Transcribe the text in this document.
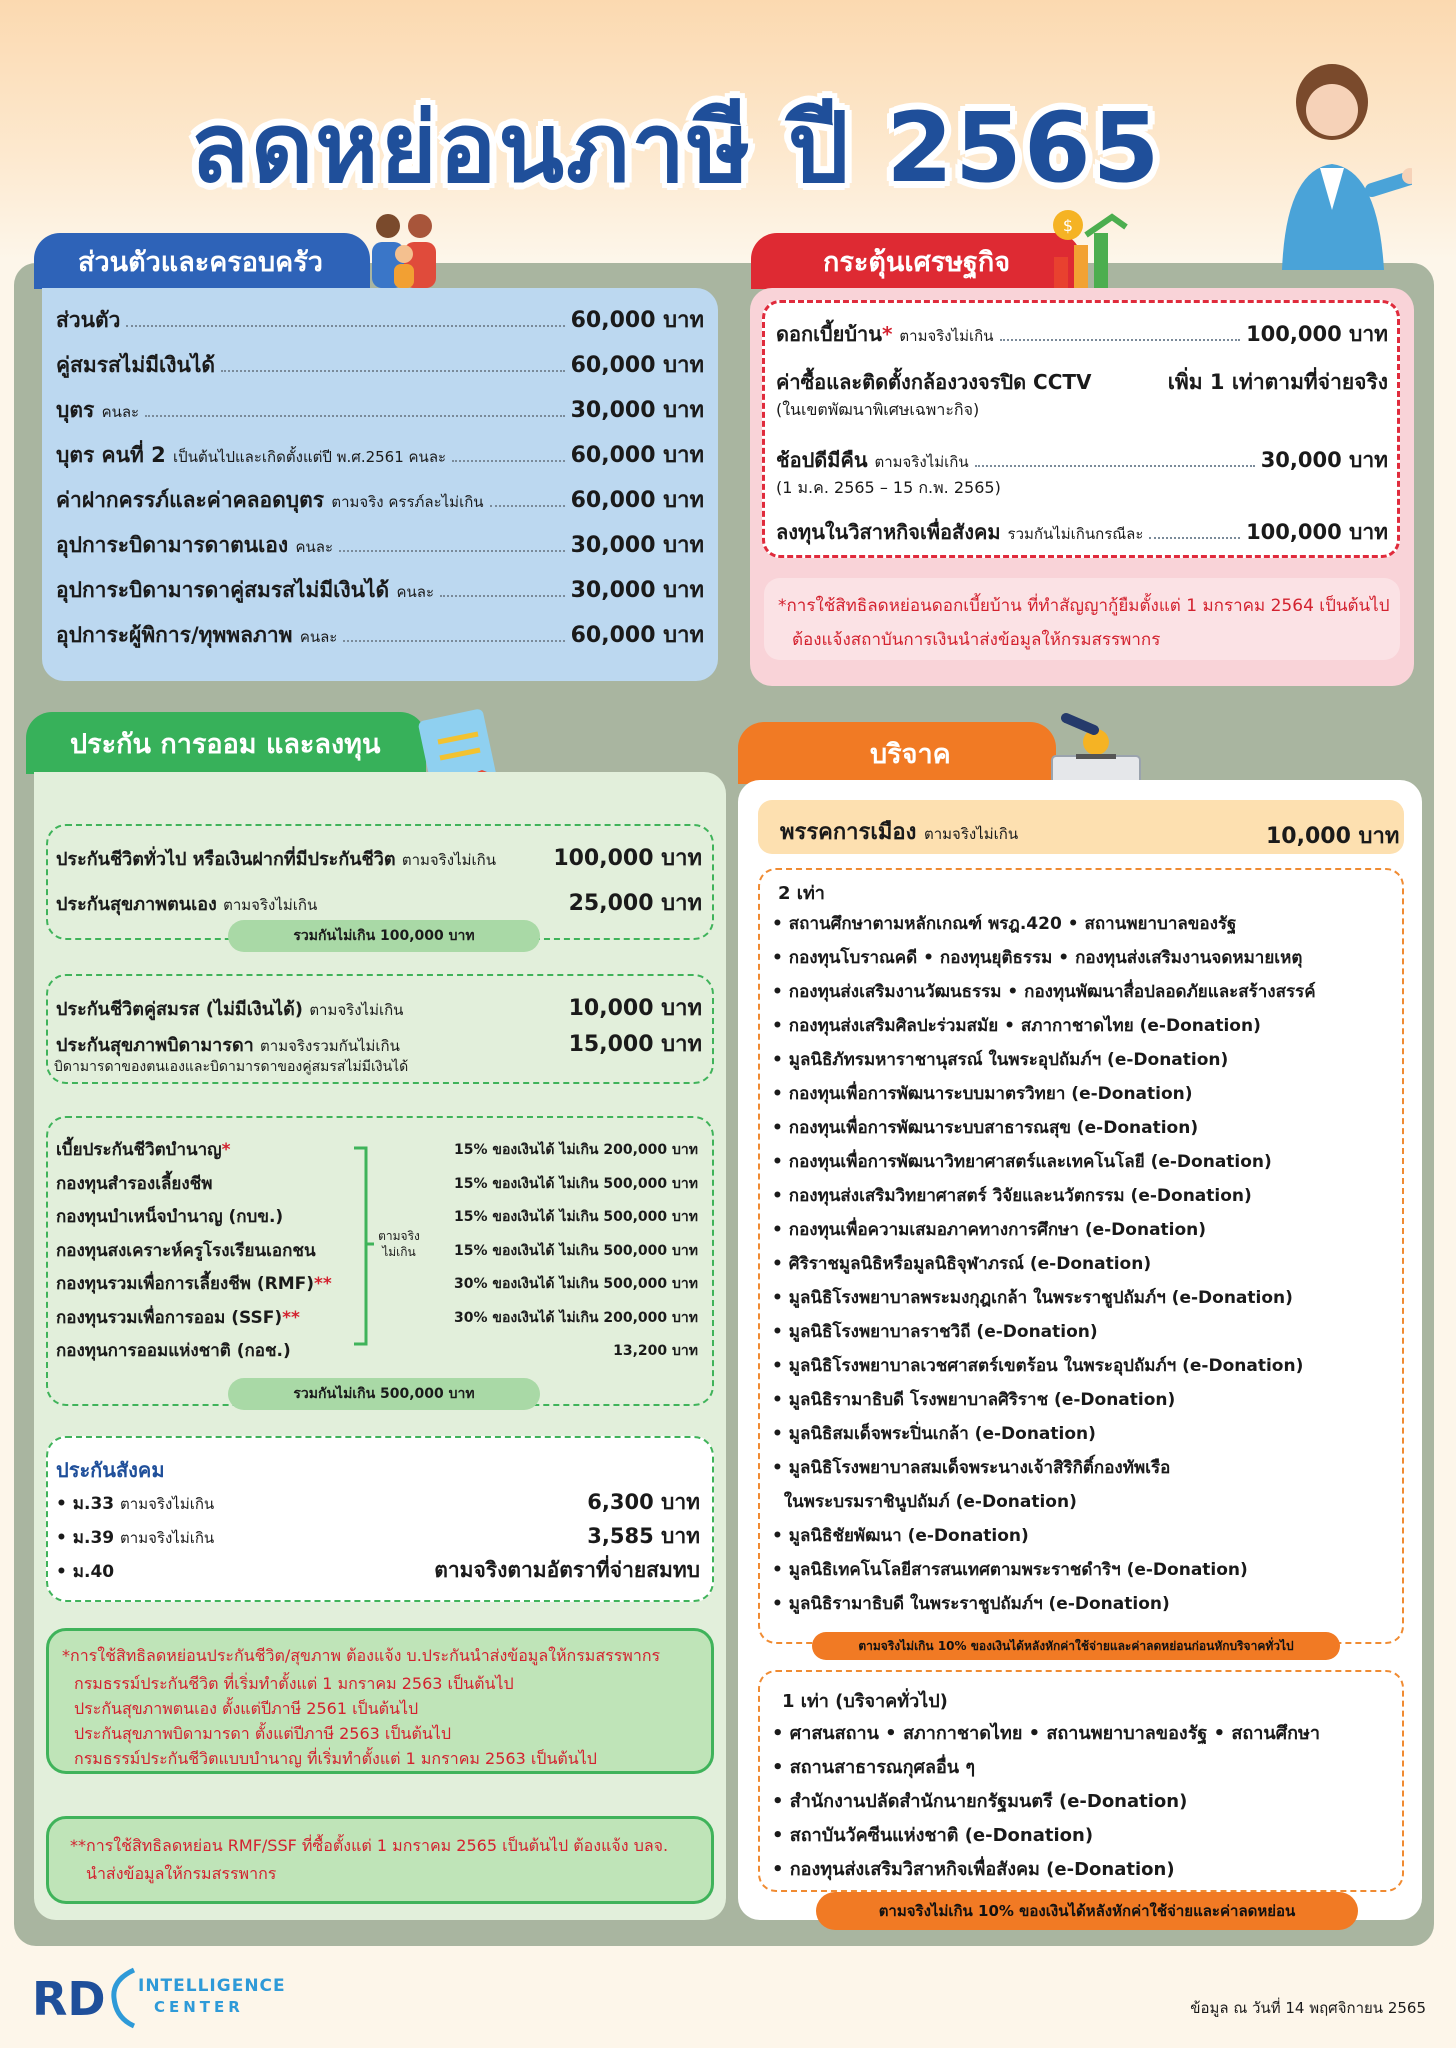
ลดหย่อนภาษี ปี 2565
ส่วนตัวและครอบครัว
ส่วนตัว	60,000 บาท
คู่สมรสไม่มีเงินได้	60,000 บาท
บุตร คนละ	30,000 บาท
บุตร คนที่ 2 เป็นต้นไปและเกิดตั้งแต่ปี พ.ศ.2561 คนละ	60,000 บาท
ค่าฝากครรภ์และค่าคลอดบุตร ตามจริง ครรภ์ละไม่เกิน	60,000 บาท
อุปการะบิดามารดาตนเอง คนละ	30,000 บาท
อุปการะบิดามารดาคู่สมรสไม่มีเงินได้ คนละ	30,000 บาท
อุปการะผู้พิการ/ทุพพลภาพ คนละ	60,000 บาท
กระตุ้นเศรษฐกิจ
$
ดอกเบี้ยบ้าน* ตามจริงไม่เกิน	100,000 บาท
ค่าซื้อและติดตั้งกล้องวงจรปิด CCTV	เพิ่ม 1 เท่าตามที่จ่ายจริง
(ในเขตพัฒนาพิเศษเฉพาะกิจ)
ช้อปดีมีคืน ตามจริงไม่เกิน	30,000 บาท
(1 ม.ค. 2565 – 15 ก.พ. 2565)
ลงทุนในวิสาหกิจเพื่อสังคม รวมกันไม่เกินกรณีละ	100,000 บาท
*การใช้สิทธิลดหย่อนดอกเบี้ยบ้าน ที่ทำสัญญากู้ยืมตั้งแต่ 1 มกราคม 2564 เป็นต้นไป
ต้องแจ้งสถาบันการเงินนำส่งข้อมูลให้กรมสรรพากร
ประกัน การออม และลงทุน
ประกันชีวิตทั่วไป หรือเงินฝากที่มีประกันชีวิต ตามจริงไม่เกิน	100,000 บาท
ประกันสุขภาพตนเอง ตามจริงไม่เกิน	25,000 บาท
รวมกันไม่เกิน 100,000 บาท
ประกันชีวิตคู่สมรส (ไม่มีเงินได้) ตามจริงไม่เกิน	10,000 บาท
ประกันสุขภาพบิดามารดา ตามจริงรวมกันไม่เกิน	15,000 บาท
บิดามารดาของตนเองและบิดามารดาของคู่สมรสไม่มีเงินได้
เบี้ยประกันชีวิตบำนาญ*	15% ของเงินได้ ไม่เกิน 200,000 บาท
กองทุนสำรองเลี้ยงชีพ	15% ของเงินได้ ไม่เกิน 500,000 บาท
กองทุนบำเหน็จบำนาญ (กบข.)	15% ของเงินได้ ไม่เกิน 500,000 บาท
กองทุนสงเคราะห์ครูโรงเรียนเอกชน	15% ของเงินได้ ไม่เกิน 500,000 บาท
กองทุนรวมเพื่อการเลี้ยงชีพ (RMF)**	30% ของเงินได้ ไม่เกิน 500,000 บาท
กองทุนรวมเพื่อการออม (SSF)**	30% ของเงินได้ ไม่เกิน 200,000 บาท
กองทุนการออมแห่งชาติ (กอช.)	13,200 บาท
ตามจริง ไม่เกิน
รวมกันไม่เกิน 500,000 บาท
ประกันสังคม
• ม.33 ตามจริงไม่เกิน	6,300 บาท
• ม.39 ตามจริงไม่เกิน	3,585 บาท
• ม.40	ตามจริงตามอัตราที่จ่ายสมทบ
*การใช้สิทธิลดหย่อนประกันชีวิต/สุขภาพ ต้องแจ้ง บ.ประกันนำส่งข้อมูลให้กรมสรรพากร
กรมธรรม์ประกันชีวิต ที่เริ่มทำตั้งแต่ 1 มกราคม 2563 เป็นต้นไป
ประกันสุขภาพตนเอง ตั้งแต่ปีภาษี 2561 เป็นต้นไป
ประกันสุขภาพบิดามารดา ตั้งแต่ปีภาษี 2563 เป็นต้นไป
กรมธรรม์ประกันชีวิตแบบบำนาญ ที่เริ่มทำตั้งแต่ 1 มกราคม 2563 เป็นต้นไป
**การใช้สิทธิลดหย่อน RMF/SSF ที่ซื้อตั้งแต่ 1 มกราคม 2565 เป็นต้นไป ต้องแจ้ง บลจ.
นำส่งข้อมูลให้กรมสรรพากร
บริจาค
พรรคการเมือง ตามจริงไม่เกิน	10,000 บาท
2 เท่า
• สถานศึกษาตามหลักเกณฑ์ พรฎ.420 • สถานพยาบาลของรัฐ
• กองทุนโบราณคดี • กองทุนยุติธรรม • กองทุนส่งเสริมงานจดหมายเหตุ
• กองทุนส่งเสริมงานวัฒนธรรม • กองทุนพัฒนาสื่อปลอดภัยและสร้างสรรค์
• กองทุนส่งเสริมศิลปะร่วมสมัย • สภากาชาดไทย (e-Donation)
• มูลนิธิภัทรมหาราชานุสรณ์ ในพระอุปถัมภ์ฯ (e-Donation)
• กองทุนเพื่อการพัฒนาระบบมาตรวิทยา (e-Donation)
• กองทุนเพื่อการพัฒนาระบบสาธารณสุข (e-Donation)
• กองทุนเพื่อการพัฒนาวิทยาศาสตร์และเทคโนโลยี (e-Donation)
• กองทุนส่งเสริมวิทยาศาสตร์ วิจัยและนวัตกรรม (e-Donation)
• กองทุนเพื่อความเสมอภาคทางการศึกษา (e-Donation)
• ศิริราชมูลนิธิหรือมูลนิธิจุฬาภรณ์ (e-Donation)
• มูลนิธิโรงพยาบาลพระมงกุฎเกล้า ในพระราชูปถัมภ์ฯ (e-Donation)
• มูลนิธิโรงพยาบาลราชวิถี (e-Donation)
• มูลนิธิโรงพยาบาลเวชศาสตร์เขตร้อน ในพระอุปถัมภ์ฯ (e-Donation)
• มูลนิธิรามาธิบดี โรงพยาบาลศิริราช (e-Donation)
• มูลนิธิสมเด็จพระปิ่นเกล้า (e-Donation)
• มูลนิธิโรงพยาบาลสมเด็จพระนางเจ้าสิริกิติ์กองทัพเรือ
ในพระบรมราชินูปถัมภ์ (e-Donation)
• มูลนิธิชัยพัฒนา (e-Donation)
• มูลนิธิเทคโนโลยีสารสนเทศตามพระราชดำริฯ (e-Donation)
• มูลนิธิรามาธิบดี ในพระราชูปถัมภ์ฯ (e-Donation)
ตามจริงไม่เกิน 10% ของเงินได้หลังหักค่าใช้จ่ายและค่าลดหย่อนก่อนหักบริจาคทั่วไป
1 เท่า (บริจาคทั่วไป)
• ศาสนสถาน • สภากาชาดไทย • สถานพยาบาลของรัฐ • สถานศึกษา
• สถานสาธารณกุศลอื่น ๆ
• สำนักงานปลัดสำนักนายกรัฐมนตรี (e-Donation)
• สถาบันวัคซีนแห่งชาติ (e-Donation)
• กองทุนส่งเสริมวิสาหกิจเพื่อสังคม (e-Donation)
ตามจริงไม่เกิน 10% ของเงินได้หลังหักค่าใช้จ่ายและค่าลดหย่อน
RD INTELLIGENCE
CENTER	ข้อมูล ณ วันที่ 14 พฤศจิกายน 2565
